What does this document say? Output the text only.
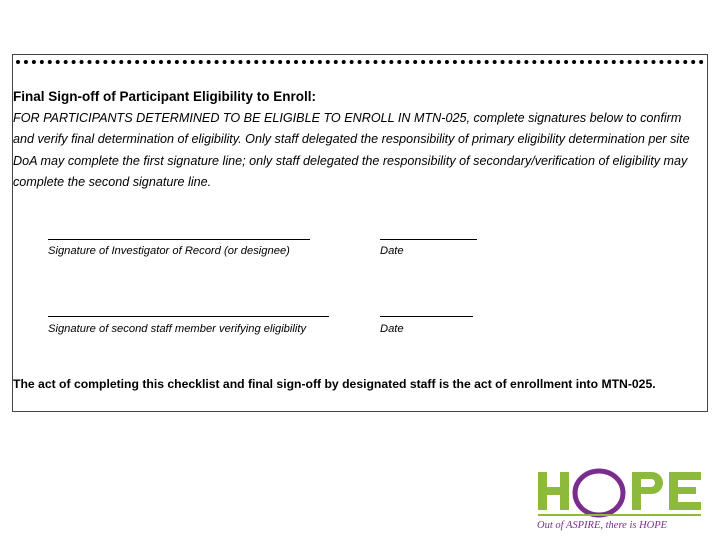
Final Sign-off of Participant Eligibility to Enroll:
FOR PARTICIPANTS DETERMINED TO BE ELIGIBLE TO ENROLL IN MTN-025, complete signatures below to confirm and verify final determination of eligibility. Only staff delegated the responsibility of primary eligibility determination per site DoA may complete the first signature line; only staff delegated the responsibility of secondary/verification of eligibility may complete the second signature line.
Signature of Investigator of Record (or designee)	Date
Signature of second staff member verifying eligibility	Date
The act of completing this checklist and final sign-off by designated staff is the act of enrollment into MTN-025.
Out of ASPIRE, there is HOPE
